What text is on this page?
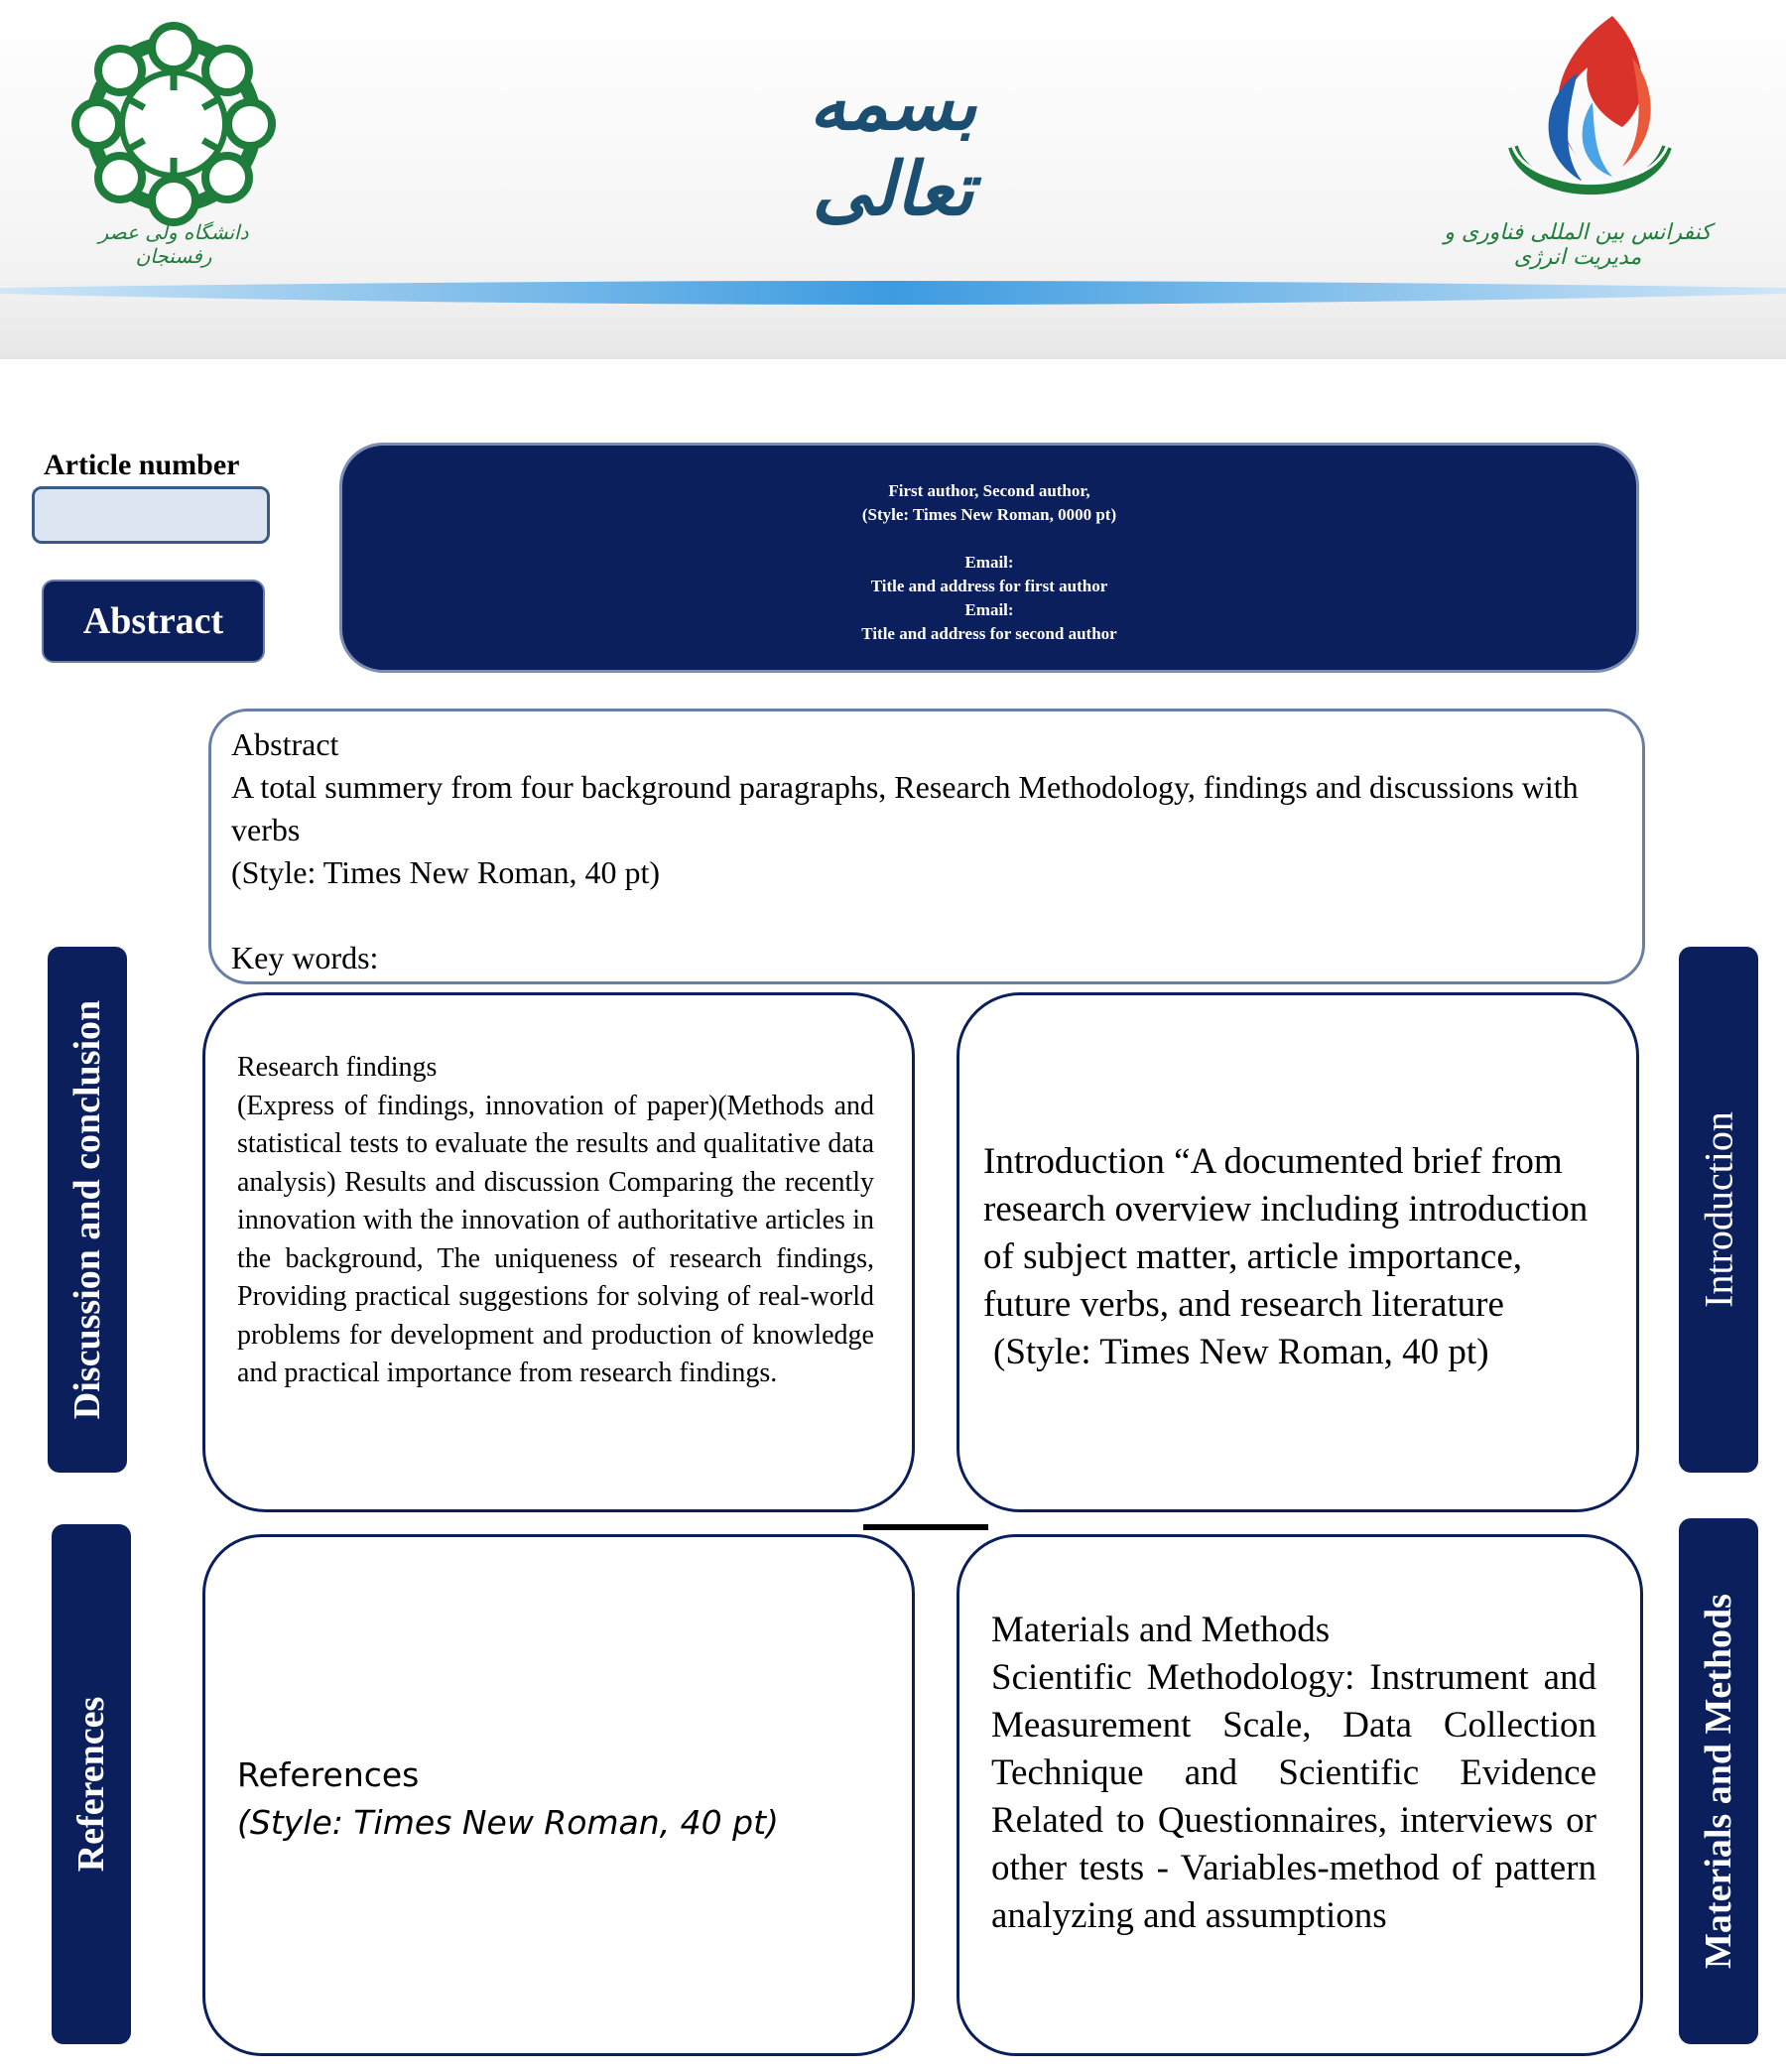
دانشگاه ولی عصر رفسنجان
بسمه تعالی
کنفرانس بین المللی فناوری و مدیریت انرژی
Article number
Abstract
First author, Second author,
(Style: Times New Roman, 0000 pt)
Email:
Title and address for first author
Email:
Title and address for second author
Abstract
A total summery from four background paragraphs, Research Methodology, findings and discussions with verbs
(Style: Times New Roman, 40 pt)
Key words:
Discussion and conclusion
References
Introduction
Materials and Methods

Research findings

(Express of findings, innovation of paper)(Methods and statistical tests to evaluate the results and qualitative data analysis) Results and discussion Comparing the recently innovation with the innovation of authoritative articles in the background, The uniqueness of research findings, Providing practical suggestions for solving of real-world problems for development and production of knowledge and practical importance from research findings.

Introduction “A documented brief from research overview including introduction of subject matter, article importance, future verbs, and research literature

(Style: Times New Roman, 40 pt)

References
(Style: Times New Roman, 40 pt)

Materials and Methods

Scientific Methodology: Instrument and Measurement Scale, Data Collection Technique and Scientific Evidence Related to Questionnaires, interviews or other tests - Variables-method of pattern analyzing and assumptions
